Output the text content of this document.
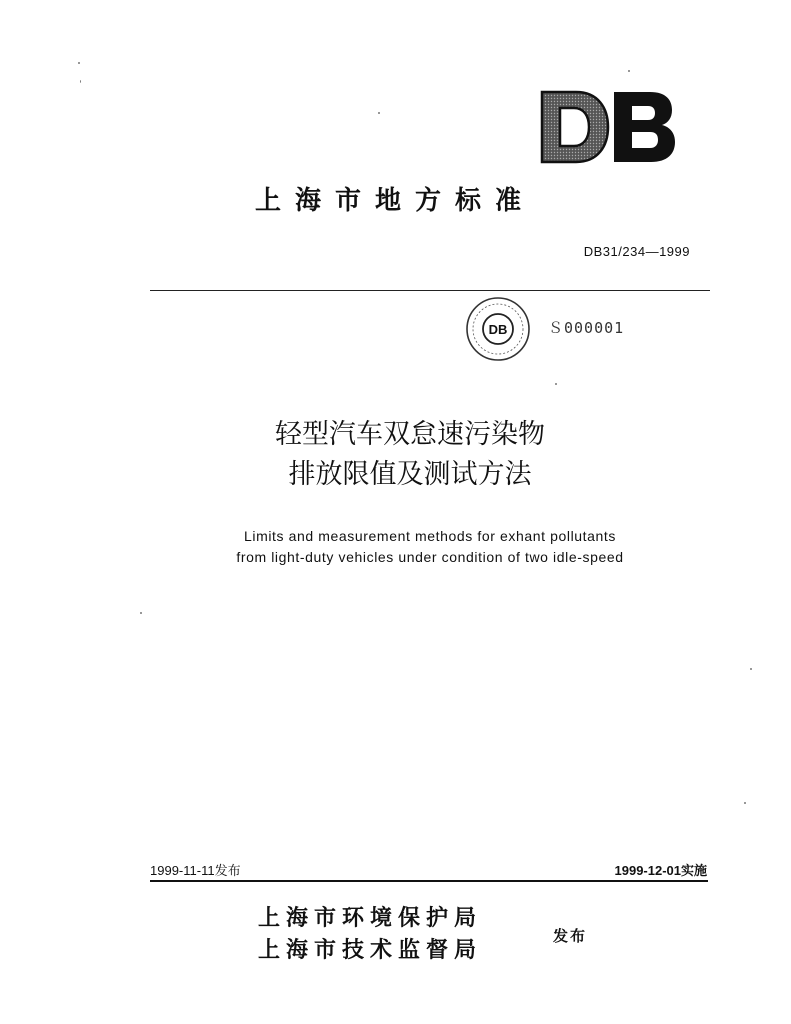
上海市地方标准
DB31/234—1999
DB	Ｓ000001
轻型汽车双怠速污染物
排放限值及测试方法
Limits and measurement methods for exhant pollutants
from light-duty vehicles under condition of two idle-speed
1999-11-11发布	1999-12-01实施
上海市环境保护局
上海市技术监督局
发布
